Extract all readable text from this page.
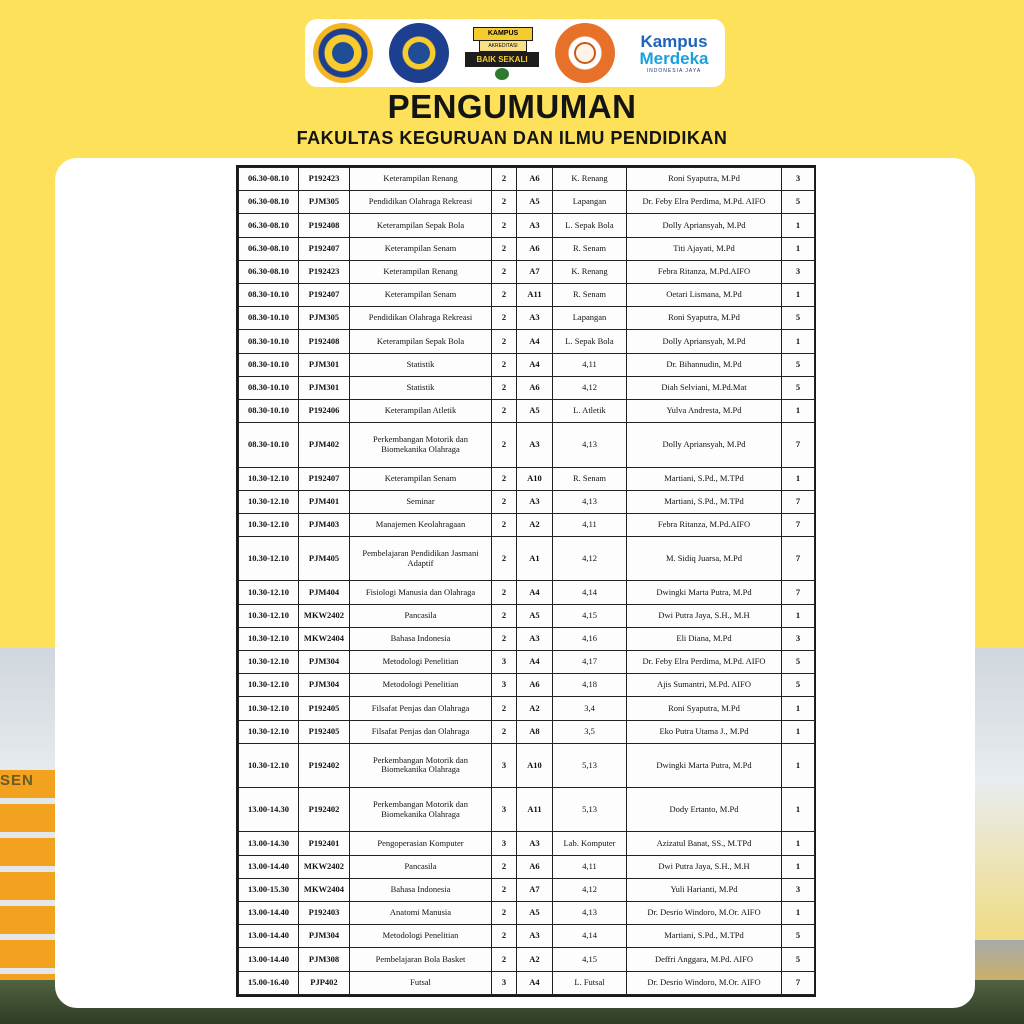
SEN
KAMPUS
AKREDITASI
BAIK SEKALI
Kampus
Merdeka
INDONESIA JAYA
PENGUMUMAN
FAKULTAS KEGURUAN DAN ILMU PENDIDIKAN
06.30-08.10	P192423	Keterampilan Renang	2	A6	K. Renang	Roni Syaputra, M.Pd	3
06.30-08.10	PJM305	Pendidikan Olahraga Rekreasi	2	A5	Lapangan	Dr. Feby Elra Perdima, M.Pd. AIFO	5
06.30-08.10	P192408	Keterampilan Sepak Bola	2	A3	L. Sepak Bola	Dolly Apriansyah, M.Pd	1
06.30-08.10	P192407	Keterampilan Senam	2	A6	R. Senam	Titi Ajayati, M.Pd	1
06.30-08.10	P192423	Keterampilan Renang	2	A7	K. Renang	Febra Ritanza, M.Pd.AIFO	3
08.30-10.10	P192407	Keterampilan Senam	2	A11	R. Senam	Oetari Lismana, M.Pd	1
08.30-10.10	PJM305	Pendidikan Olahraga Rekreasi	2	A3	Lapangan	Roni Syaputra, M.Pd	5
08.30-10.10	P192408	Keterampilan Sepak Bola	2	A4	L. Sepak Bola	Dolly Apriansyah, M.Pd	1
08.30-10.10	PJM301	Statistik	2	A4	4,11	Dr. Bihannudin, M.Pd	5
08.30-10.10	PJM301	Statistik	2	A6	4,12	Diah Selviani, M.Pd.Mat	5
08.30-10.10	P192406	Keterampilan Atletik	2	A5	L. Atletik	Yulva Andresta, M.Pd	1
08.30-10.10	PJM402	Perkembangan Motorik dan Biomekanika Olahraga	2	A3	4,13	Dolly Apriansyah, M.Pd	7
10.30-12.10	P192407	Keterampilan Senam	2	A10	R. Senam	Martiani, S.Pd., M.TPd	1
10.30-12.10	PJM401	Seminar	2	A3	4,13	Martiani, S.Pd., M.TPd	7
10.30-12.10	PJM403	Manajemen Keolahragaan	2	A2	4,11	Febra Ritanza, M.Pd.AIFO	7
10.30-12.10	PJM405	Pembelajaran Pendidikan Jasmani Adaptif	2	A1	4,12	M. Sidiq Juarsa, M.Pd	7
10.30-12.10	PJM404	Fisiologi Manusia dan Olahraga	2	A4	4,14	Dwingki Marta Putra, M.Pd	7
10.30-12.10	MKW2402	Pancasila	2	A5	4,15	Dwi Putra Jaya, S.H., M.H	1
10.30-12.10	MKW2404	Bahasa Indonesia	2	A3	4,16	Eli Diana, M.Pd	3
10.30-12.10	PJM304	Metodologi Penelitian	3	A4	4,17	Dr. Feby Elra Perdima, M.Pd. AIFO	5
10.30-12.10	PJM304	Metodologi Penelitian	3	A6	4,18	Ajis Sumantri, M.Pd. AIFO	5
10.30-12.10	P192405	Filsafat Penjas dan Olahraga	2	A2	3,4	Roni Syaputra, M.Pd	1
10.30-12.10	P192405	Filsafat Penjas dan Olahraga	2	A8	3,5	Eko Putra Utama J., M.Pd	1
10.30-12.10	P192402	Perkembangan Motorik dan Biomekanika Olahraga	3	A10	5,13	Dwingki Marta Putra, M.Pd	1
13.00-14.30	P192402	Perkembangan Motorik dan Biomekanika Olahraga	3	A11	5,13	Dody Ertanto, M.Pd	1
13.00-14.30	P192401	Pengoperasian Komputer	3	A3	Lab. Komputer	Azizatul Banat, SS., M.TPd	1
13.00-14.40	MKW2402	Pancasila	2	A6	4,11	Dwi Putra Jaya, S.H., M.H	1
13.00-15.30	MKW2404	Bahasa Indonesia	2	A7	4,12	Yuli Harianti, M.Pd	3
13.00-14.40	P192403	Anatomi Manusia	2	A5	4,13	Dr. Desrio Windoro, M.Or. AIFO	1
13.00-14.40	PJM304	Metodologi Penelitian	2	A3	4,14	Martiani, S.Pd., M.TPd	5
13.00-14.40	PJM308	Pembelajaran Bola Basket	2	A2	4,15	Deffri Anggara, M.Pd. AIFO	5
15.00-16.40	PJP402	Futsal	3	A4	L. Futsal	Dr. Desrio Windoro, M.Or. AIFO	7
